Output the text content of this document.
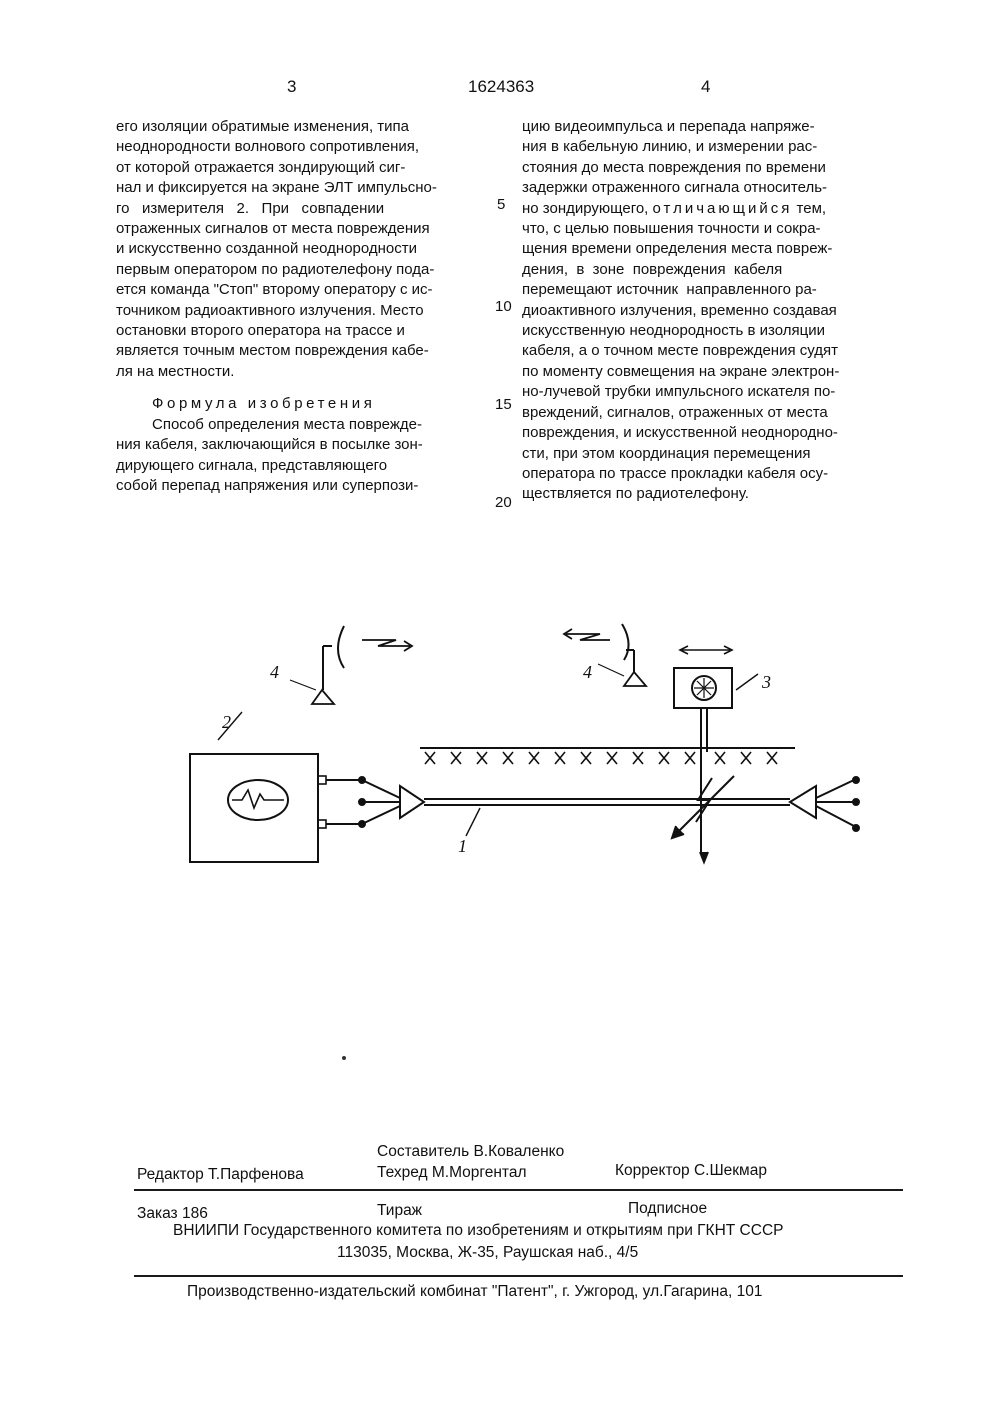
3	1624363	4
его изоляции обратимые изменения, типа
неоднородности волнового сопротивления,
от которой отражается зондирующий сиг-
нал и фиксируется на экране ЭЛТ импульсно-
го   измерителя   2.   При   совпадении
отраженных сигналов от места повреждения
и искусственно созданной неоднородности
первым оператором по радиотелефону пода-
ется команда "Стоп" второму оператору с ис-
точником радиоактивного излучения. Место
остановки второго оператора на трассе и
является точным местом повреждения кабе-
ля на местности.
Формула изобретения
Способ определения места поврежде-
ния кабеля, заключающийся в посылке зон-
дирующего сигнала, представляющего
собой перепад напряжения или суперпози-
5
10
15
20
цию видеоимпульса и перепада напряже-
ния в кабельную линию, и измерении рас-
стояния до места повреждения по времени
задержки отраженного сигнала относитель-
но зондирующего, отличающийся тем,
что, с целью повышения точности и сокра-
щения времени определения места повреж-
дения,  в  зоне  повреждения  кабеля
перемещают источник  направленного ра-
диоактивного излучения, временно создавая
искусственную неоднородность в изоляции
кабеля, а о точном месте повреждения судят
по моменту совмещения на экране электрон-
но-лучевой трубки импульсного искателя по-
вреждений, сигналов, отраженных от места
повреждения, и искусственной неоднородно-
сти, при этом координация перемещения
оператора по трассе прокладки кабеля осу-
ществляется по радиотелефону.
2
1
3
4	4
Составитель В.Коваленко
Редактор Т.Парфенова	Техред М.Моргентал	Корректор С.Шекмар
Заказ 186	Тираж	Подписное
ВНИИПИ Государственного комитета по изобретениям и открытиям при ГКНТ СССР
113035, Москва, Ж-35, Раушская наб., 4/5
Производственно-издательский комбинат "Патент", г. Ужгород, ул.Гагарина, 101
